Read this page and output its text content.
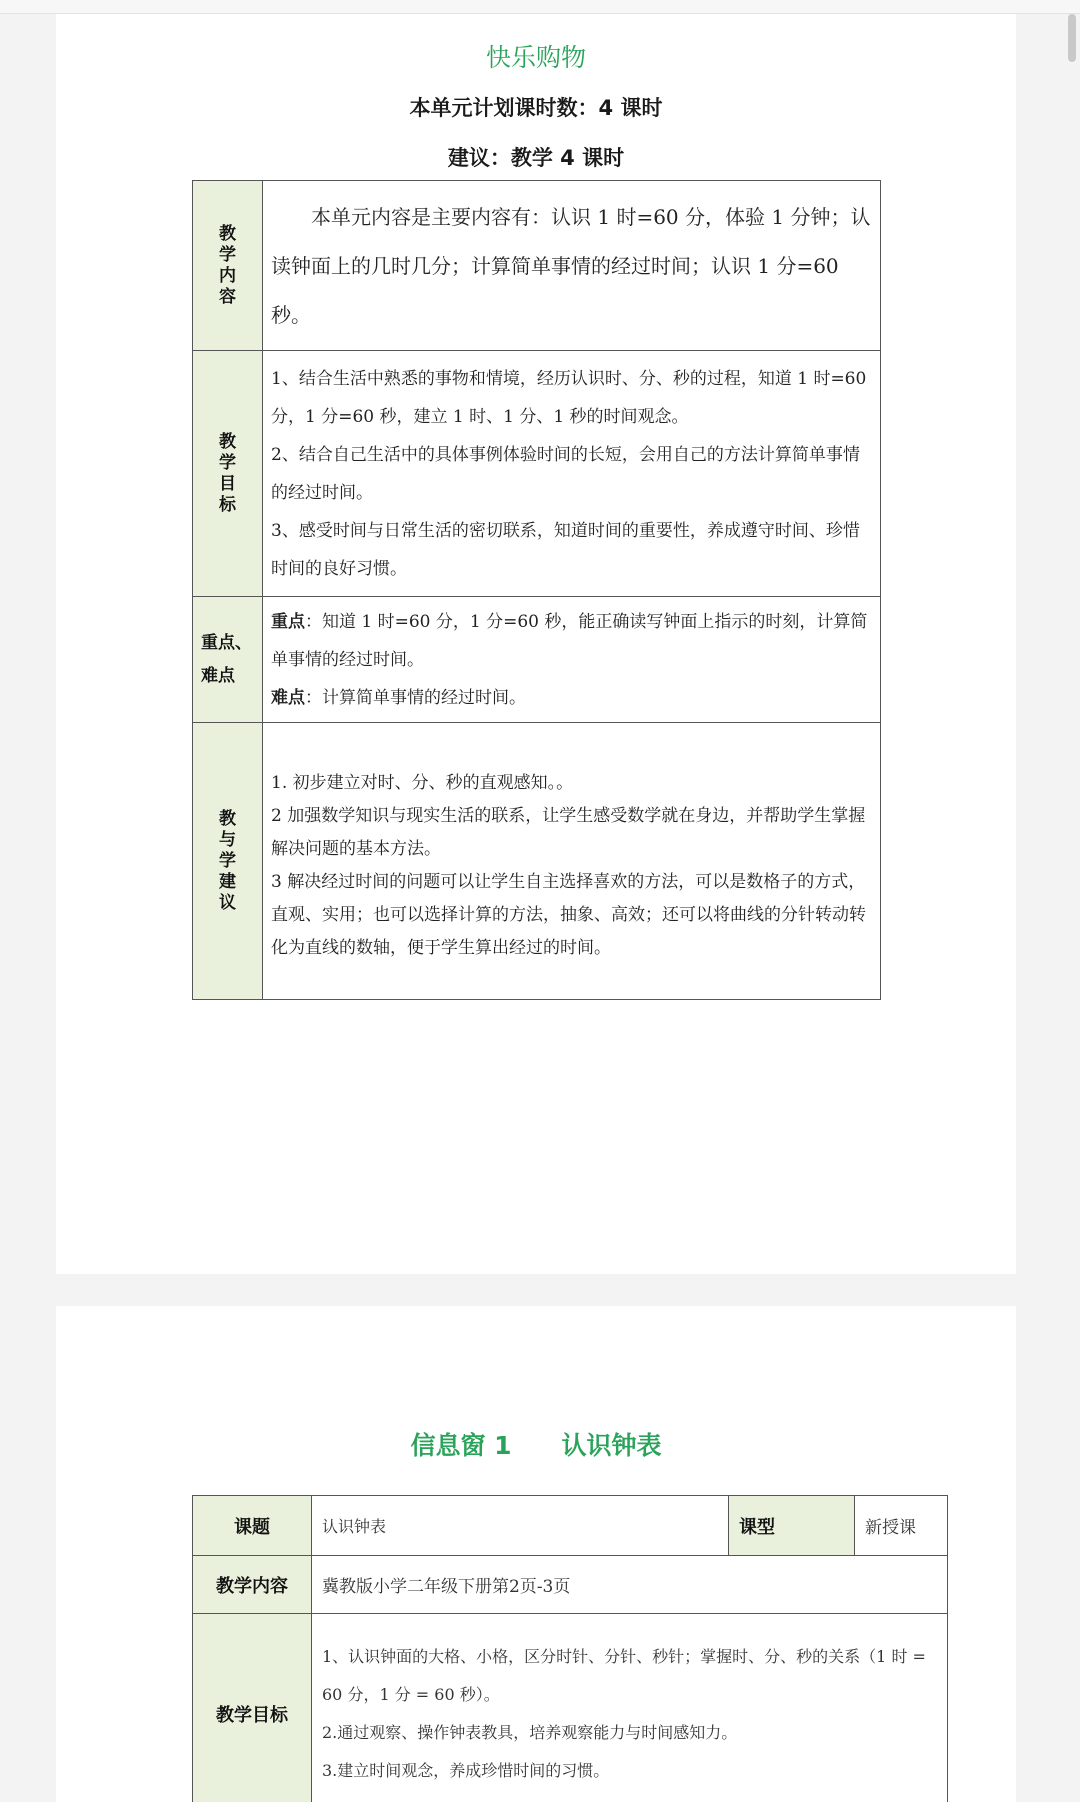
快乐购物
本单元计划课时数：4 课时
建议：教学 4 课时
教学内容	本单元内容是主要内容有：认识 1 时=60 分，体验 1 分钟；认读钟面上的几时几分；计算简单事情的经过时间；认识 1 分=60 秒。

教学目标	1、结合生活中熟悉的事物和情境，经历认识时、分、秒的过程，知道 1 时=60 分，1 分=60 秒，建立 1 时、1 分、1 秒的时间观念。

2、结合自己生活中的具体事例体验时间的长短，会用自己的方法计算简单事情的经过时间。

3、感受时间与日常生活的密切联系，知道时间的重要性，养成遵守时间、珍惜时间的良好习惯。

重点、难点	重点：知道 1 时=60 分，1 分=60 秒，能正确读写钟面上指示的时刻，计算简单事情的经过时间。

难点：计算简单事情的经过时间。

教与学建议	1. 初步建立对时、分、秒的直观感知。。

2 加强数学知识与现实生活的联系，让学生感受数学就在身边，并帮助学生掌握解决问题的基本方法。

3 解决经过时间的问题可以让学生自主选择喜欢的方法，可以是数格子的方式，直观、实用；也可以选择计算的方法，抽象、高效；还可以将曲线的分针转动转化为直线的数轴，便于学生算出经过的时间。

信息窗 1　　认识钟表
课题	认识钟表	课型	新授课
教学内容	冀教版小学二年级下册第2页-3页		
教学目标	1、认识钟面的大格、小格，区分时针、分针、秒针；掌握时、分、秒的关系（1 时 = 60 分，1 分 = 60 秒）。

2.通过观察、操作钟表教具，培养观察能力与时间感知力。

3.建立时间观念，养成珍惜时间的习惯。		
